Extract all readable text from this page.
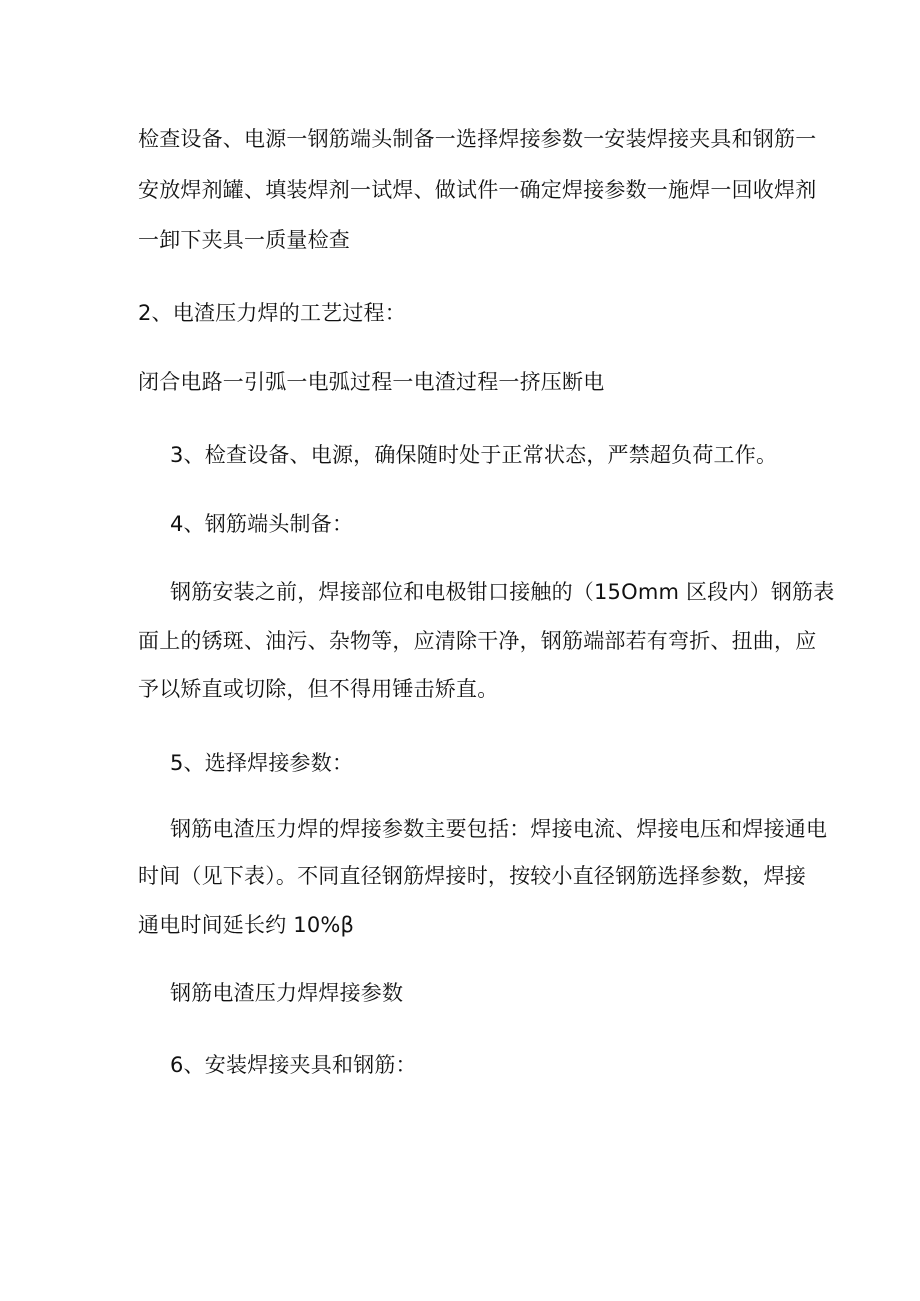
检查设备、电源一钢筋端头制备一选择焊接参数一安装焊接夹具和钢筋一
安放焊剂罐、填装焊剂一试焊、做试件一确定焊接参数一施焊一回收焊剂
一卸下夹具一质量检查
2、电渣压力焊的工艺过程：
闭合电路一引弧一电弧过程一电渣过程一挤压断电
3、检查设备、电源，确保随时处于正常状态，严禁超负荷工作。
4、钢筋端头制备：
钢筋安装之前，焊接部位和电极钳口接触的（15Omm 区段内）钢筋表
面上的锈斑、油污、杂物等，应清除干净，钢筋端部若有弯折、扭曲，应
予以矫直或切除，但不得用锤击矫直。
5、选择焊接参数：
钢筋电渣压力焊的焊接参数主要包括：焊接电流、焊接电压和焊接通电
时间（见下表）。不同直径钢筋焊接时，按较小直径钢筋选择参数，焊接
通电时间延长约 10%β
钢筋电渣压力焊焊接参数
6、安装焊接夹具和钢筋：
